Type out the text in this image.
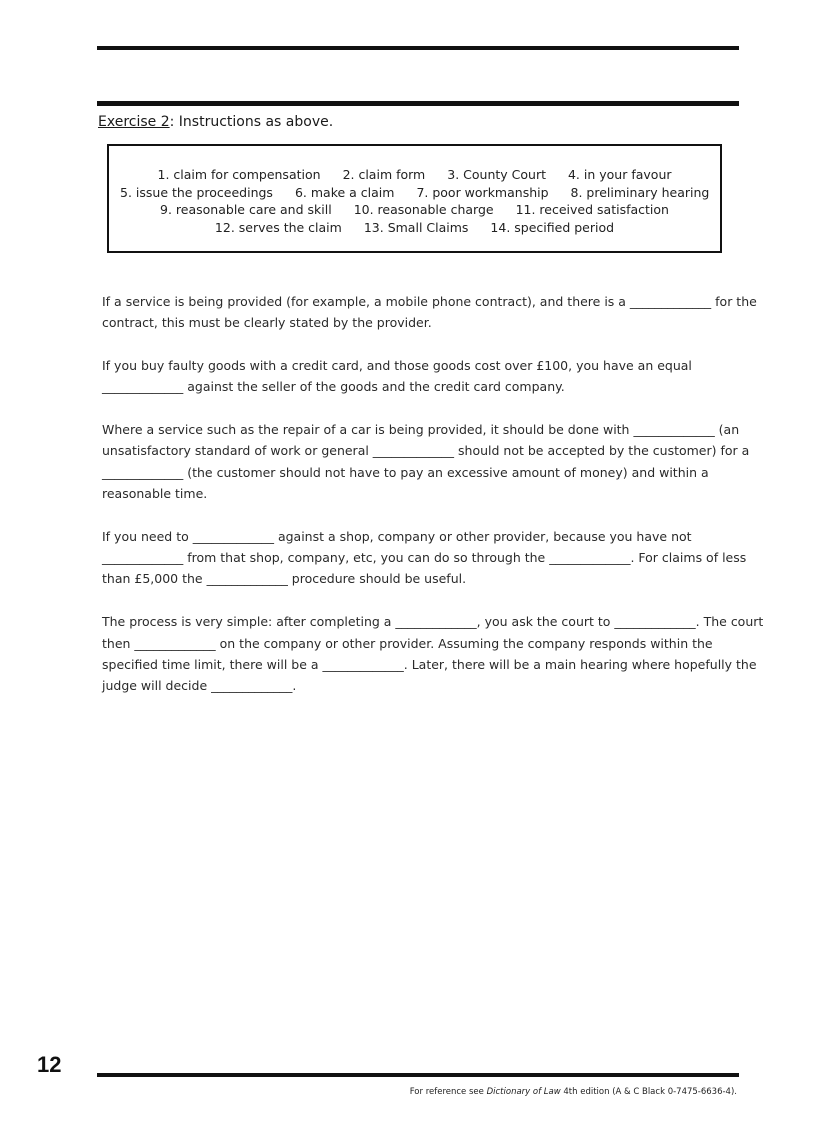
Exercise 2: Instructions as above.
1. claim for compensation 2. claim form 3. County Court 4. in your favour
5. issue the proceedings 6. make a claim 7. poor workmanship 8. preliminary hearing
9. reasonable care and skill 10. reasonable charge 11. received satisfaction
12. serves the claim 13. Small Claims 14. specified period

If a service is being provided (for example, a mobile phone contract), and there is a _____________ for the
contract, this must be clearly stated by the provider.

If you buy faulty goods with a credit card, and those goods cost over £100, you have an equal
_____________ against the seller of the goods and the credit card company.

Where a service such as the repair of a car is being provided, it should be done with _____________ (an
unsatisfactory standard of work or general _____________ should not be accepted by the customer) for a
_____________ (the customer should not have to pay an excessive amount of money) and within a
reasonable time.

If you need to _____________ against a shop, company or other provider, because you have not
_____________ from that shop, company, etc, you can do so through the _____________. For claims of less
than £5,000 the _____________ procedure should be useful.

The process is very simple: after completing a _____________, you ask the court to _____________. The court
then _____________ on the company or other provider. Assuming the company responds within the
specified time limit, there will be a _____________. Later, there will be a main hearing where hopefully the
judge will decide _____________.

12
For reference see Dictionary of Law 4th edition (A & C Black 0-7475-6636-4).
